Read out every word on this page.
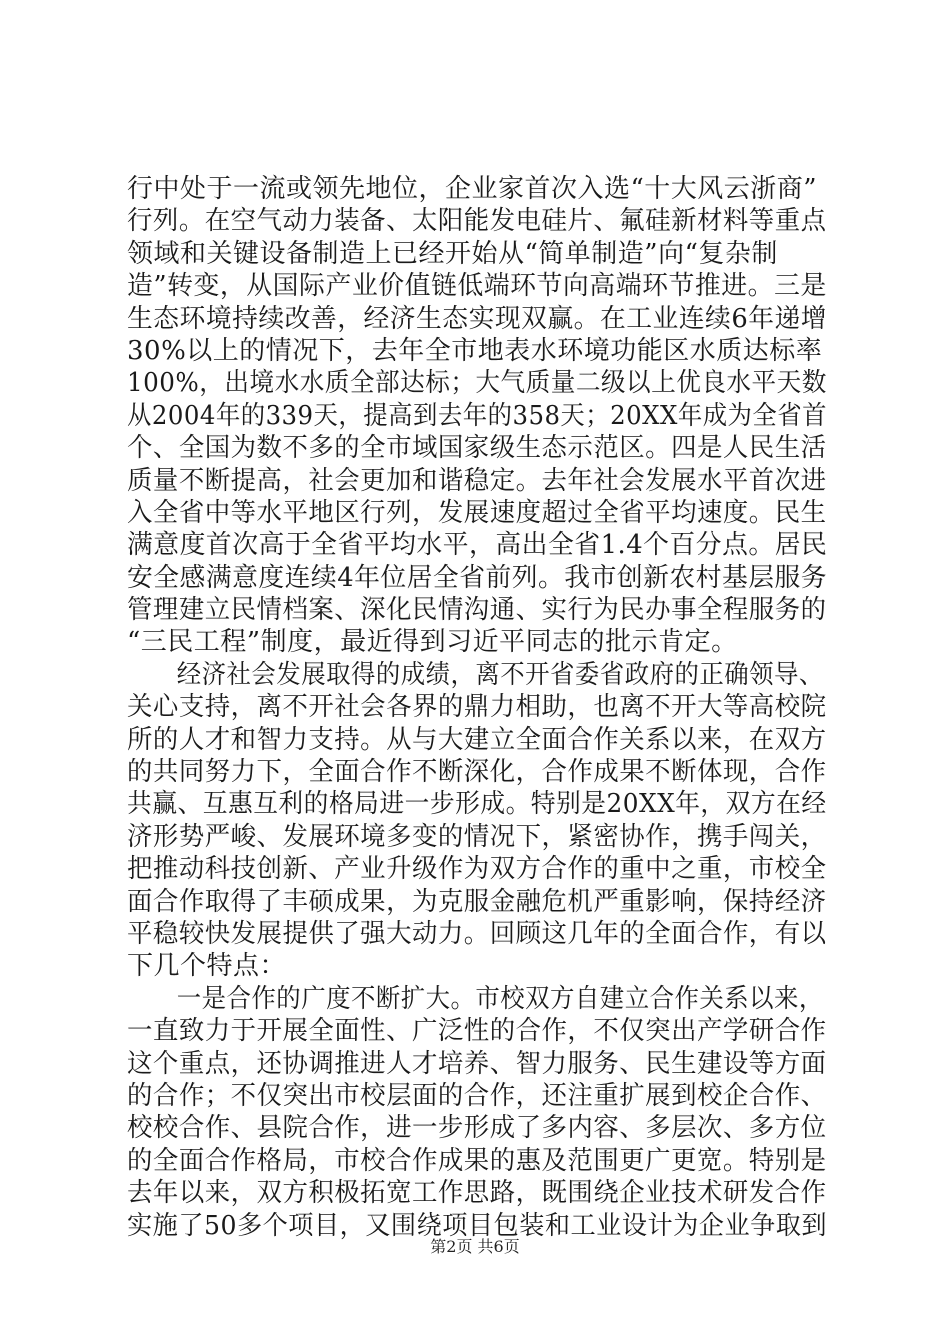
行中处于一流或领先地位，企业家首次入选“十大风云浙商”
行列。在空气动力装备、太阳能发电硅片、氟硅新材料等重点
领域和关键设备制造上已经开始从“简单制造”向“复杂制
造”转变，从国际产业价值链低端环节向高端环节推进。三是
生态环境持续改善，经济生态实现双赢。在工业连续6年递增
30%以上的情况下，去年全市地表水环境功能区水质达标率
100%，出境水水质全部达标；大气质量二级以上优良水平天数
从2004年的339天，提高到去年的358天；20XX年成为全省首
个、全国为数不多的全市域国家级生态示范区。四是人民生活
质量不断提高，社会更加和谐稳定。去年社会发展水平首次进
入全省中等水平地区行列，发展速度超过全省平均速度。民生
满意度首次高于全省平均水平，高出全省1.4个百分点。居民
安全感满意度连续4年位居全省前列。我市创新农村基层服务
管理建立民情档案、深化民情沟通、实行为民办事全程服务的
“三民工程”制度，最近得到习近平同志的批示肯定。
经济社会发展取得的成绩，离不开省委省政府的正确领导、
关心支持，离不开社会各界的鼎力相助，也离不开大等高校院
所的人才和智力支持。从与大建立全面合作关系以来，在双方
的共同努力下，全面合作不断深化，合作成果不断体现，合作
共赢、互惠互利的格局进一步形成。特别是20XX年，双方在经
济形势严峻、发展环境多变的情况下，紧密协作，携手闯关，
把推动科技创新、产业升级作为双方合作的重中之重，市校全
面合作取得了丰硕成果，为克服金融危机严重影响，保持经济
平稳较快发展提供了强大动力。回顾这几年的全面合作，有以
下几个特点：
一是合作的广度不断扩大。市校双方自建立合作关系以来，
一直致力于开展全面性、广泛性的合作，不仅突出产学研合作
这个重点，还协调推进人才培养、智力服务、民生建设等方面
的合作；不仅突出市校层面的合作，还注重扩展到校企合作、
校校合作、县院合作，进一步形成了多内容、多层次、多方位
的全面合作格局，市校合作成果的惠及范围更广更宽。特别是
去年以来，双方积极拓宽工作思路，既围绕企业技术研发合作
实施了50多个项目，又围绕项目包装和工业设计为企业争取到
第2页 共6页
